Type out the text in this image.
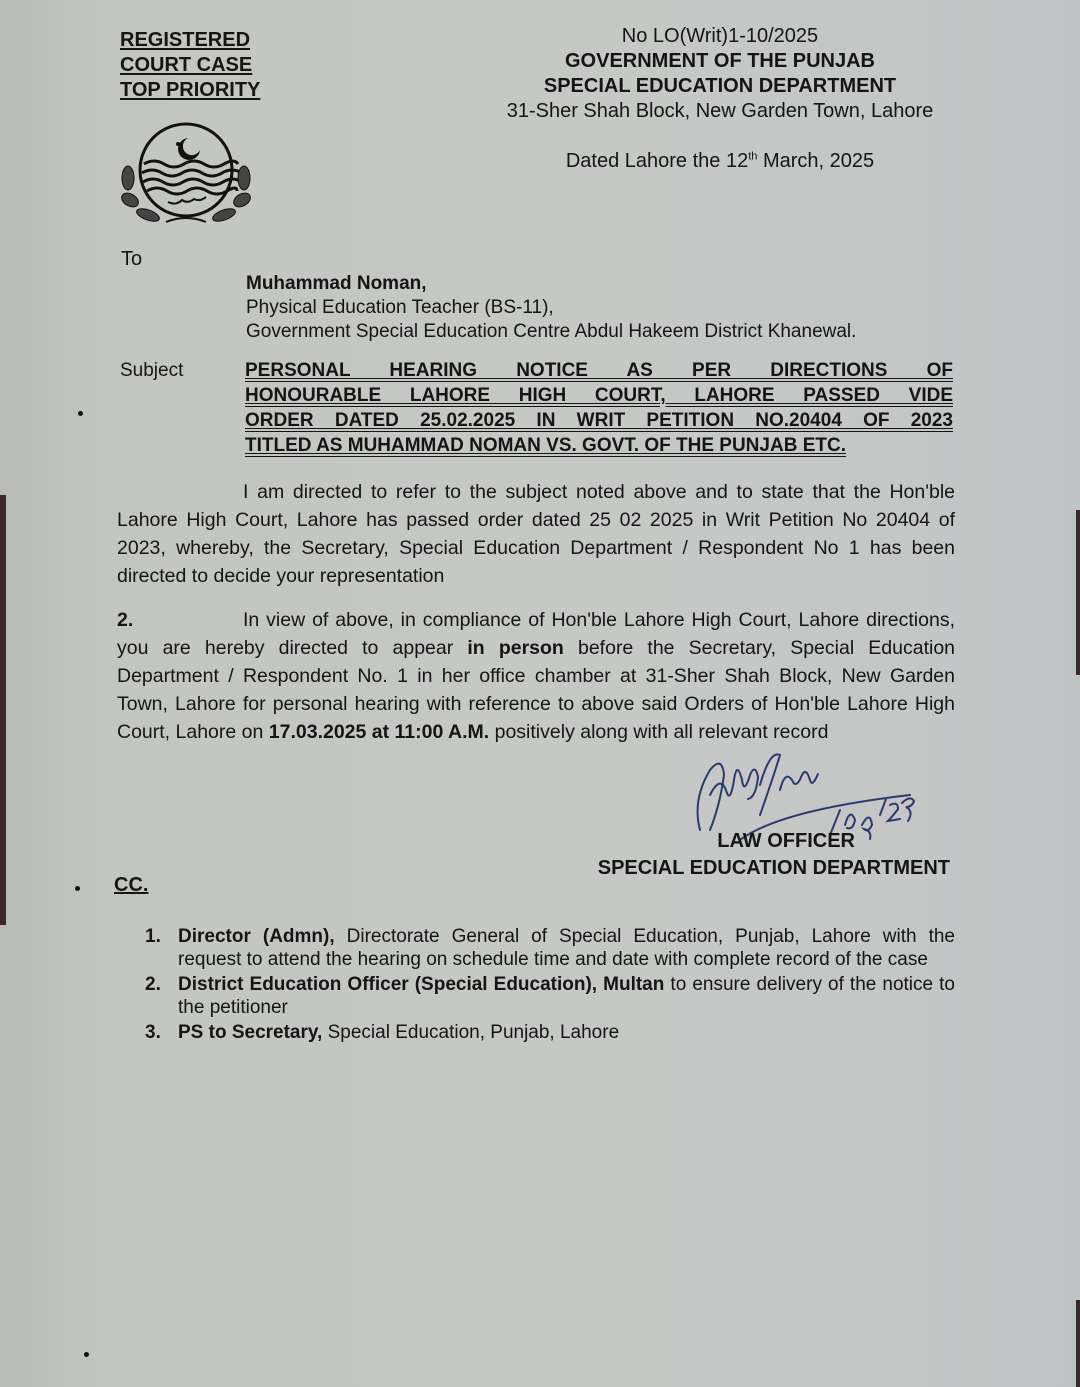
REGISTERED
COURT CASE
TOP PRIORITY
No LO(Writ)1-10/2025
GOVERNMENT OF THE PUNJAB
SPECIAL EDUCATION DEPARTMENT
31-Sher Shah Block, New Garden Town, Lahore
Dated Lahore the 12th March, 2025
To
Muhammad Noman,
Physical Education Teacher (BS-11),
Government Special Education Centre Abdul Hakeem District Khanewal.
Subject	PERSONAL HEARING NOTICE AS PER DIRECTIONS OF
HONOURABLE LAHORE HIGH COURT, LAHORE PASSED VIDE
ORDER DATED 25.02.2025 IN WRIT PETITION NO.20404 OF 2023
TITLED AS MUHAMMAD NOMAN VS. GOVT. OF THE PUNJAB ETC.
I am directed to refer to the subject noted above and to state that the Hon'ble Lahore High Court, Lahore has passed order dated 25 02 2025 in Writ Petition No 20404 of 2023, whereby, the Secretary, Special Education Department / Respondent No 1 has been directed to decide your representation
2.	In view of above, in compliance of Hon'ble Lahore High Court, Lahore directions, you are hereby directed to appear in person before the Secretary, Special Education Department / Respondent No. 1 in her office chamber at 31-Sher Shah Block, New Garden Town, Lahore for personal hearing with reference to above said Orders of Hon'ble Lahore High Court, Lahore on 17.03.2025 at 11:00 A.M. positively along with all relevant record
LAW OFFICER
SPECIAL EDUCATION DEPARTMENT
CC.
1. Director (Admn), Directorate General of Special Education, Punjab, Lahore with the request to attend the hearing on schedule time and date with complete record of the case
2. District Education Officer (Special Education), Multan to ensure delivery of the notice to the petitioner
3. PS to Secretary, Special Education, Punjab, Lahore
